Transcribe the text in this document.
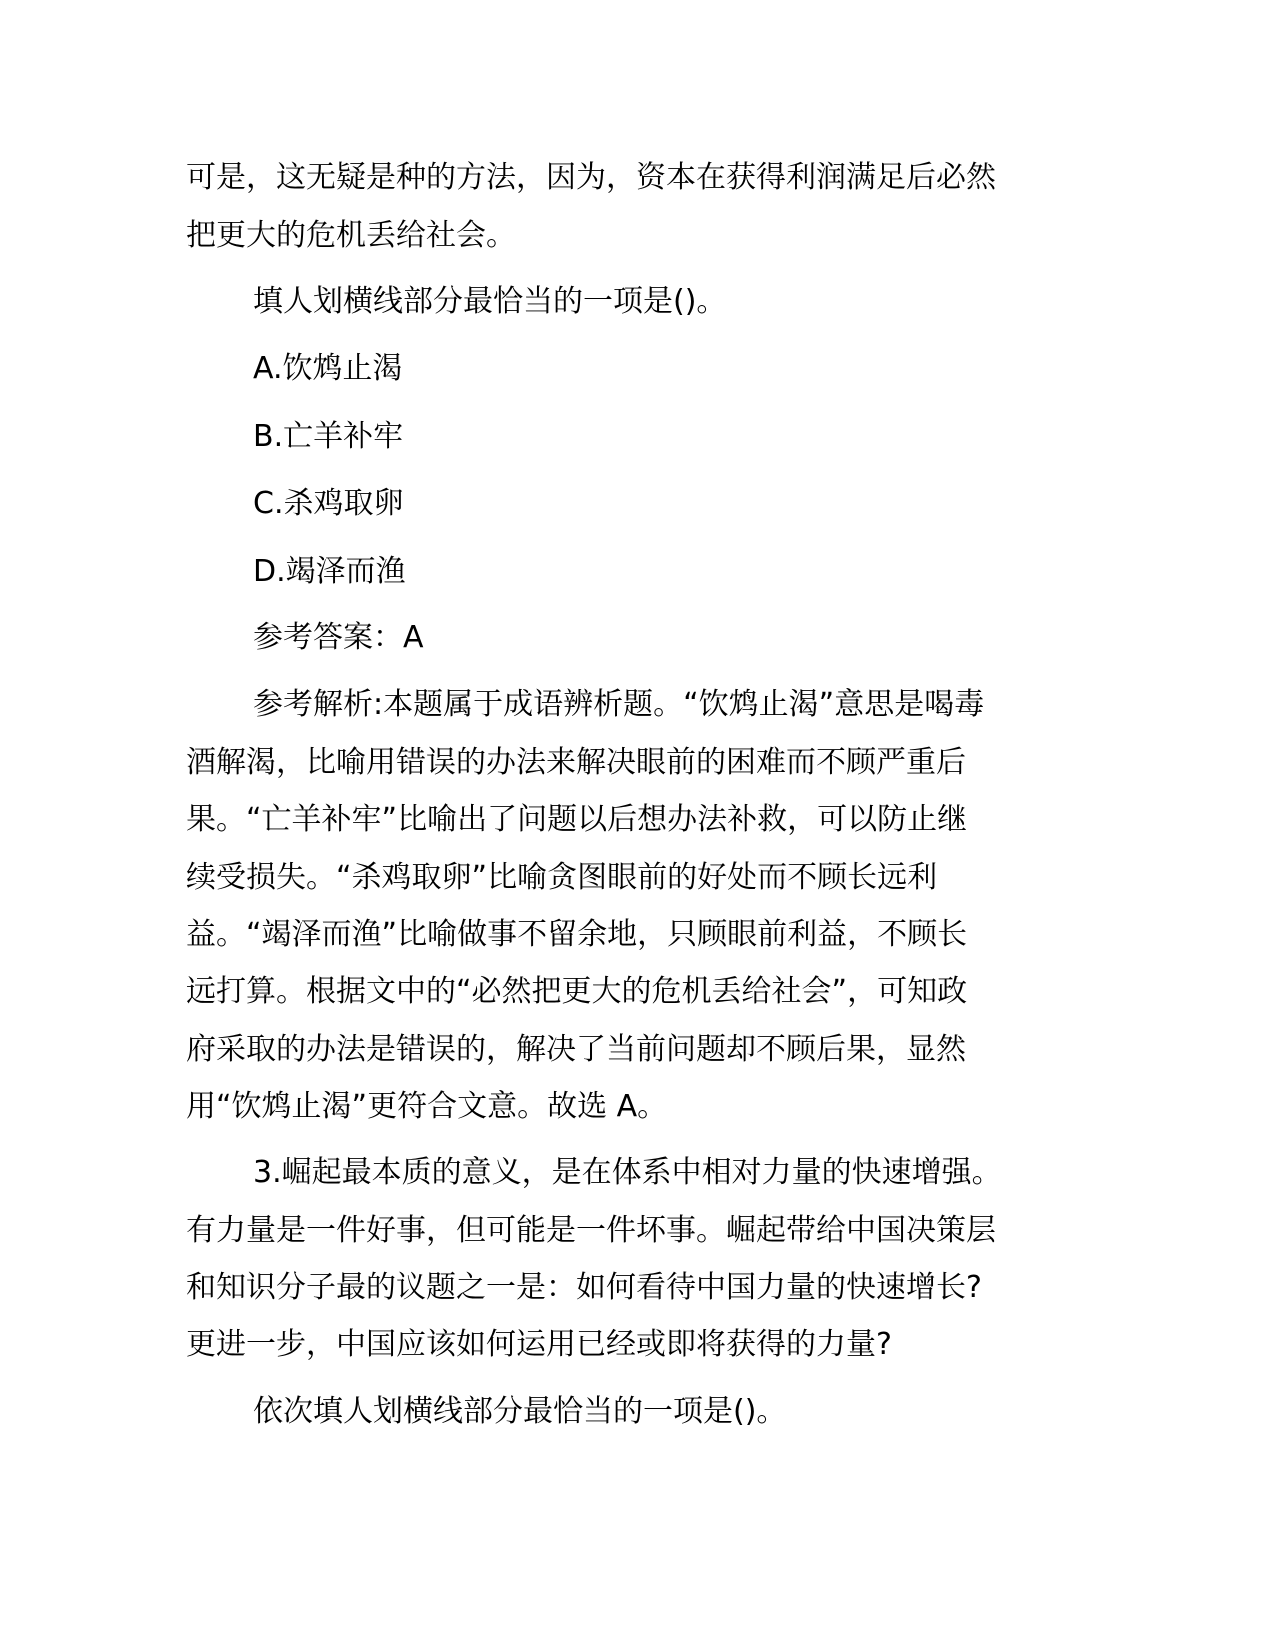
可是，这无疑是种的方法，因为，资本在获得利润满足后必然

把更大的危机丢给社会。

填人划横线部分最恰当的一项是()。

A.饮鸩止渴

B.亡羊补牢

C.杀鸡取卵

D.竭泽而渔

参考答案：A

参考解析:本题属于成语辨析题。“饮鸩止渴”意思是喝毒

酒解渴，比喻用错误的办法来解决眼前的困难而不顾严重后

果。“亡羊补牢”比喻出了问题以后想办法补救，可以防止继

续受损失。“杀鸡取卵”比喻贪图眼前的好处而不顾长远利

益。“竭泽而渔”比喻做事不留余地，只顾眼前利益，不顾长

远打算。根据文中的“必然把更大的危机丢给社会”，可知政

府采取的办法是错误的，解决了当前问题却不顾后果，显然

用“饮鸩止渴”更符合文意。故选 A。

3.崛起最本质的意义，是在体系中相对力量的快速增强。

有力量是一件好事，但可能是一件坏事。崛起带给中国决策层

和知识分子最的议题之一是：如何看待中国力量的快速增长?

更进一步，中国应该如何运用已经或即将获得的力量?

依次填人划横线部分最恰当的一项是()。
